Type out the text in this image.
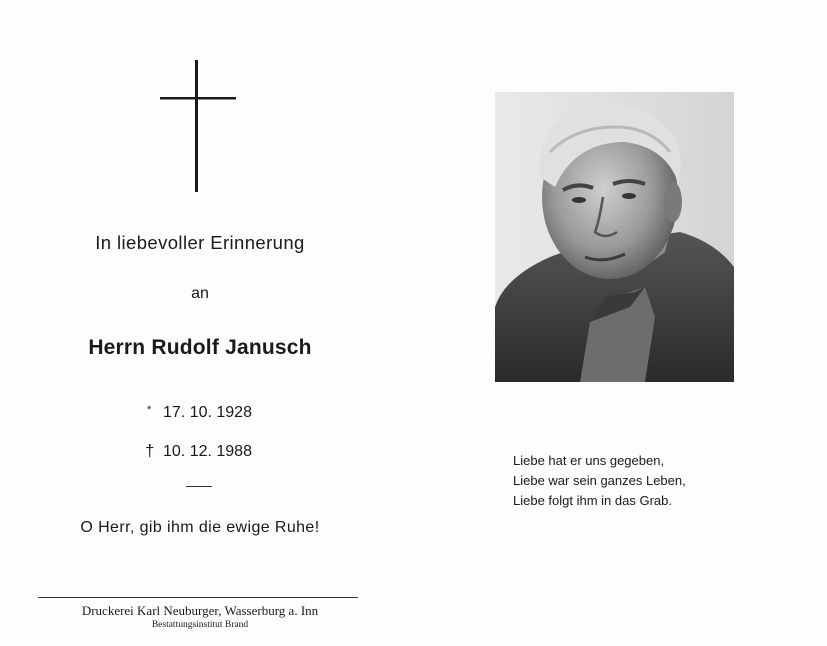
In liebevoller Erinnerung
an
Herrn Rudolf Janusch
* 17. 10. 1928
† 10. 12. 1988
O Herr, gib ihm die ewige Ruhe!
Druckerei Karl Neuburger, Wasserburg a. Inn
Bestattungsinstitut Brand
Liebe hat er uns gegeben,
Liebe war sein ganzes Leben,
Liebe folgt ihm in das Grab.
